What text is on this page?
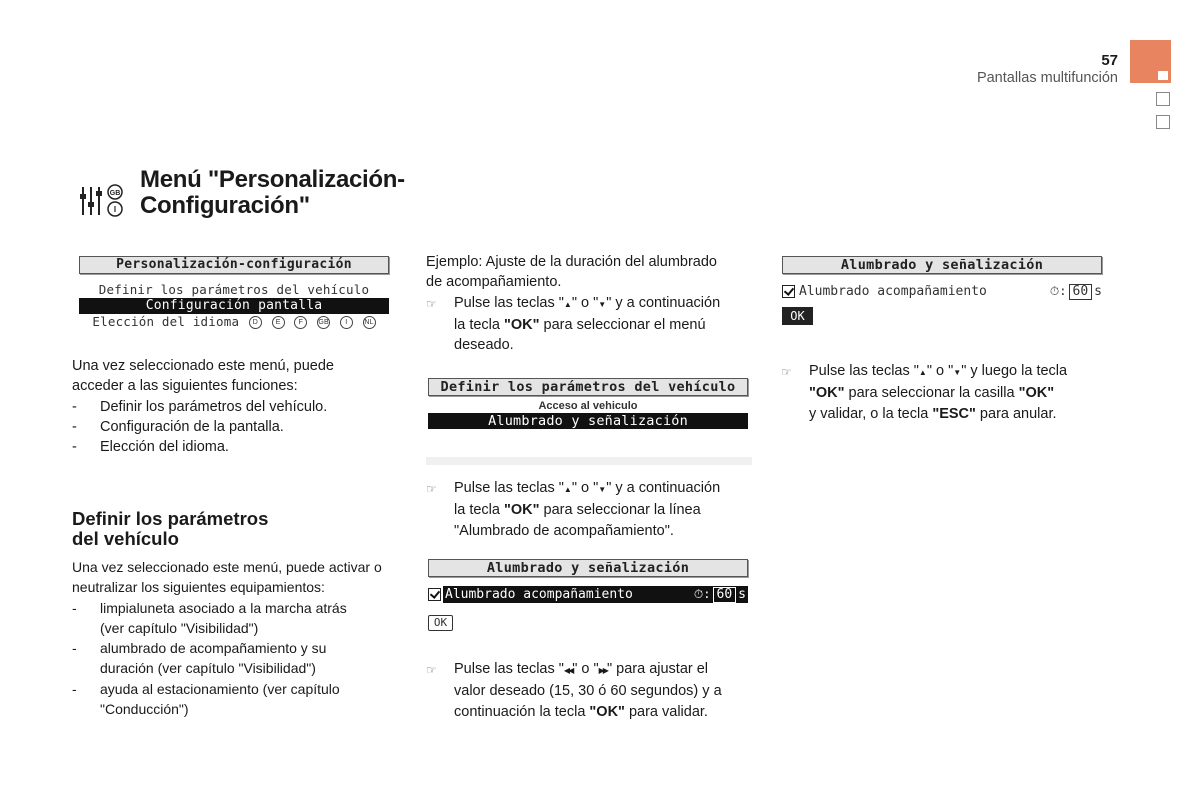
57
Pantallas multifunción
GB
I
Menú "Personalización-
Configuración"
Personalización-configuración
Definir los parámetros del vehículo
Configuración pantalla
Elección del idioma D	E	F GB I NL
Una vez seleccionado este menú, puede
acceder a las siguientes funciones:
- Definir los parámetros del vehículo.
- Configuración de la pantalla.
- Elección del idioma.
Definir los parámetros
del vehículo
Una vez seleccionado este menú, puede activar o
neutralizar los siguientes equipamientos:
- limpialuneta asociado a la marcha atrás
(ver capítulo "Visibilidad")
- alumbrado de acompañamiento y su
duración (ver capítulo "Visibilidad")
- ayuda al estacionamiento (ver capítulo
"Conducción")
Ejemplo: Ajuste de la duración del alumbrado
de acompañamiento.
☞ Pulse las teclas "▲" o "▼" y a continuación
la tecla "OK" para seleccionar el menú
deseado.
Definir los parámetros del vehículo
Acceso al vehiculo
Alumbrado y señalización
☞ Pulse las teclas "▲" o "▼" y a continuación
la tecla "OK" para seleccionar la línea
"Alumbrado de acompañamiento".
Alumbrado y señalización
Alumbrado acompañamiento	⏱: 60 s
OK
☞ Pulse las teclas "◀◀" o "▶▶" para ajustar el
valor deseado (15, 30 ó 60 segundos) y a
continuación la tecla "OK" para validar.
Alumbrado y señalización
Alumbrado acompañamiento	⏱: 60 s
OK
☞ Pulse las teclas "▲" o "▼" y luego la tecla
"OK" para seleccionar la casilla "OK"
y validar, o la tecla "ESC" para anular.
